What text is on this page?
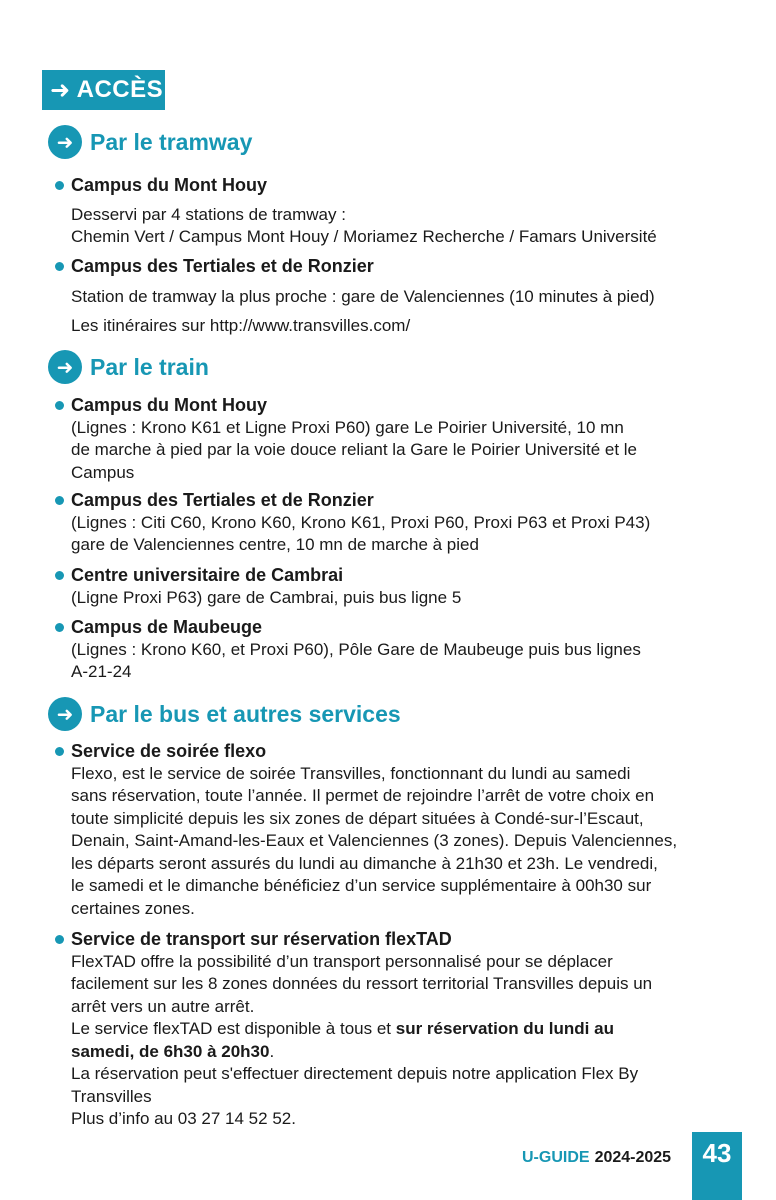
➜ ACCÈS
➜ Par le tramway
Campus du Mont Houy
Desservi par 4 stations de tramway :
Chemin Vert / Campus Mont Houy / Moriamez Recherche / Famars Université
Campus des Tertiales et de Ronzier
Station de tramway la plus proche : gare de Valenciennes (10 minutes à pied)
Les itinéraires sur http://www.transvilles.com/
➜ Par le train
Campus du Mont Houy
(Lignes : Krono K61 et Ligne Proxi P60) gare Le Poirier Université, 10 mn
de marche à pied par la voie douce reliant la Gare le Poirier Université et le
Campus
Campus des Tertiales et de Ronzier
(Lignes : Citi C60, Krono K60, Krono K61, Proxi P60, Proxi P63 et Proxi P43)
gare de Valenciennes centre, 10 mn de marche à pied
Centre universitaire de Cambrai
(Ligne Proxi P63) gare de Cambrai, puis bus ligne 5
Campus de Maubeuge
(Lignes : Krono K60, et Proxi P60), Pôle Gare de Maubeuge puis bus lignes
A-21-24
➜ Par le bus et autres services
Service de soirée flexo
Flexo, est le service de soirée Transvilles, fonctionnant du lundi au samedi
sans réservation, toute l’année. Il permet de rejoindre l’arrêt de votre choix en
toute simplicité depuis les six zones de départ situées à Condé-sur-l’Escaut,
Denain, Saint-Amand-les-Eaux et Valenciennes (3 zones). Depuis Valenciennes,
les départs seront assurés du lundi au dimanche à 21h30 et 23h. Le vendredi,
le samedi et le dimanche bénéficiez d’un service supplémentaire à 00h30 sur
certaines zones.
Service de transport sur réservation flexTAD
FlexTAD offre la possibilité d’un transport personnalisé pour se déplacer
facilement sur les 8 zones données du ressort territorial Transvilles depuis un
arrêt vers un autre arrêt.
Le service flexTAD est disponible à tous et sur réservation du lundi au
samedi, de 6h30 à 20h30.
La réservation peut s'effectuer directement depuis notre application Flex By
Transvilles
Plus d’info au 03 27 14 52 52.
U-GUIDE 2024-2025 43
